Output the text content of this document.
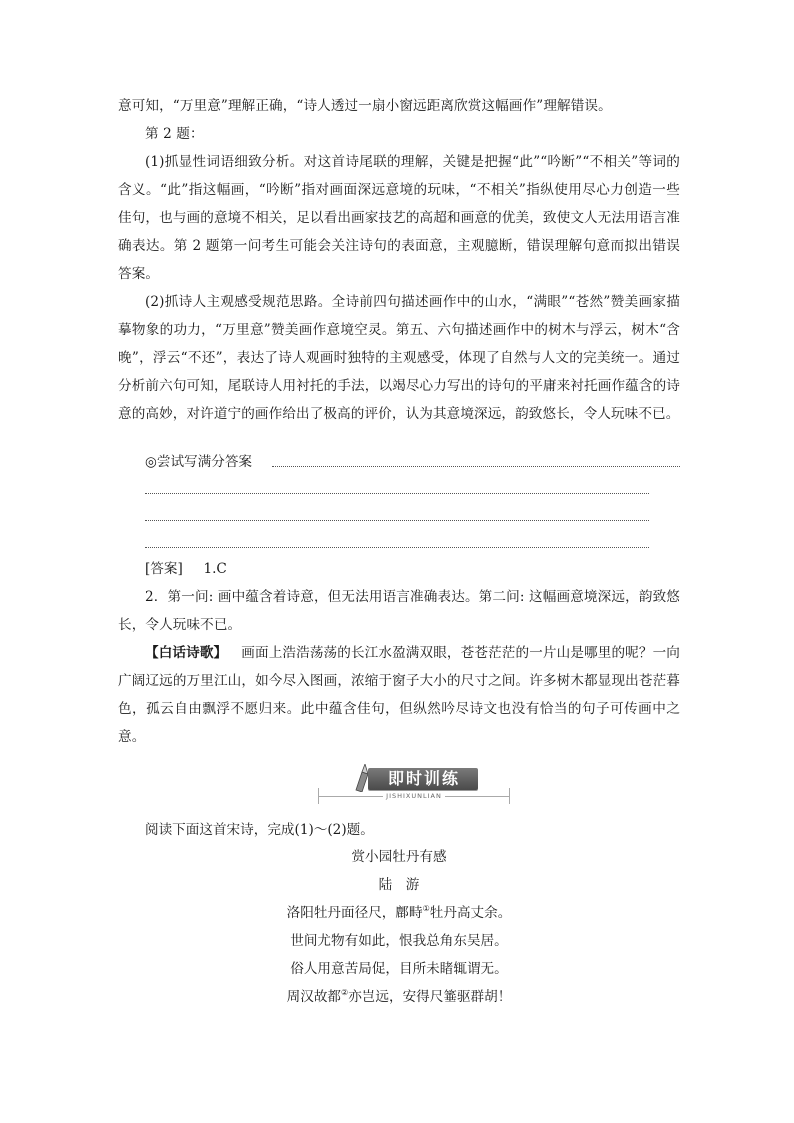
意可知，“万里意”理解正确，“诗人透过一扇小窗远距离欣赏这幅画作”理解错误。

第 2 题：

(1)抓显性词语细致分析。对这首诗尾联的理解，关键是把握“此”“吟断”“不相关”等词的含义。“此”指这幅画，“吟断”指对画面深远意境的玩味，“不相关”指纵使用尽心力创造一些佳句，也与画的意境不相关，足以看出画家技艺的高超和画意的优美，致使文人无法用语言准确表达。第 2 题第一问考生可能会关注诗句的表面意，主观臆断，错误理解句意而拟出错误答案。

(2)抓诗人主观感受规范思路。全诗前四句描述画作中的山水，“满眼”“苍然”赞美画家描摹物象的功力，“万里意”赞美画作意境空灵。第五、六句描述画作中的树木与浮云，树木“含晚”，浮云“不还”，表达了诗人观画时独特的主观感受，体现了自然与人文的完美统一。通过分析前六句可知，尾联诗人用衬托的手法，以竭尽心力写出的诗句的平庸来衬托画作蕴含的诗意的高妙，对许道宁的画作给出了极高的评价，认为其意境深远，韵致悠长，令人玩味不已。

◎尝试写满分答案
[答案] 1.C

2．第一问: 画中蕴含着诗意，但无法用语言准确表达。第二问: 这幅画意境深远，韵致悠长，令人玩味不已。

【白话诗歌】 画面上浩浩荡荡的长江水盈满双眼，苍苍茫茫的一片山是哪里的呢？一向广阔辽远的万里江山，如今尽入图画，浓缩于窗子大小的尺寸之间。许多树木都显现出苍茫暮色，孤云自由飘浮不愿归来。此中蕴含佳句，但纵然吟尽诗文也没有恰当的句子可传画中之意。

即时训练
JISHIXUNLIAN
阅读下面这首宋诗，完成(1)～(2)题。
赏小园牡丹有感
陆　游
洛阳牡丹面径尺，鄜畤①牡丹高丈余。
世间尤物有如此，恨我总角东吴居。
俗人用意苦局促，目所未睹辄谓无。
周汉故都②亦岂远，安得尺箠驱群胡！
